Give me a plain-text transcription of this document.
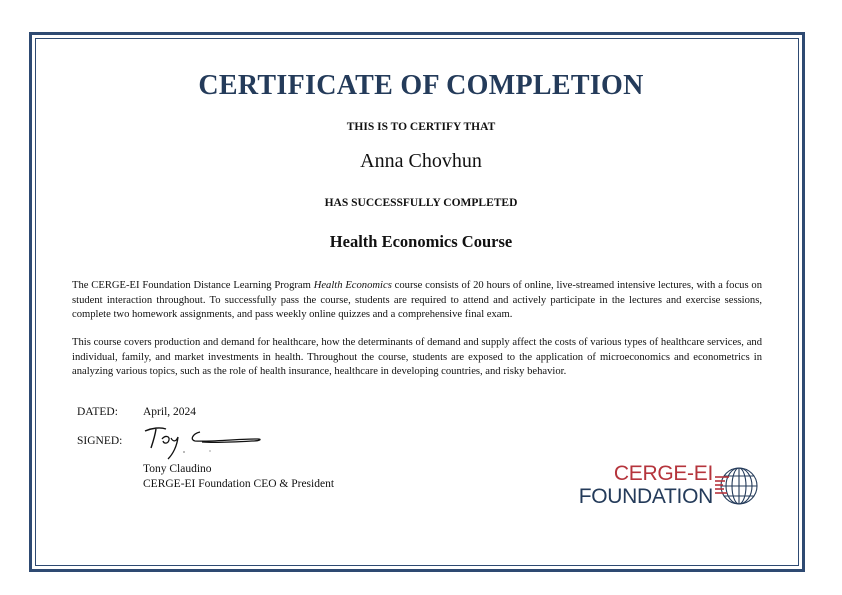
CERTIFICATE OF COMPLETION
THIS IS TO CERTIFY THAT
Anna Chovhun
HAS SUCCESSFULLY COMPLETED
Health Economics Course
The CERGE-EI Foundation Distance Learning Program Health Economics course consists of 20 hours of online, live-streamed intensive lectures, with a focus on student interaction throughout. To successfully pass the course, students are required to attend and actively participate in the lectures and exercise sessions, complete two homework assignments, and pass weekly online quizzes and a comprehensive final exam.
This course covers production and demand for healthcare, how the determinants of demand and supply affect the costs of various types of healthcare services, and individual, family, and market investments in health. Throughout the course, students are exposed to the application of microeconomics and econometrics in analyzing various topics, such as the role of health insurance, healthcare in developing countries, and risky behavior.
DATED: April, 2024
SIGNED:
Tony Claudino
CERGE-EI Foundation CEO & President	CERGE-EI
FOUNDATION
